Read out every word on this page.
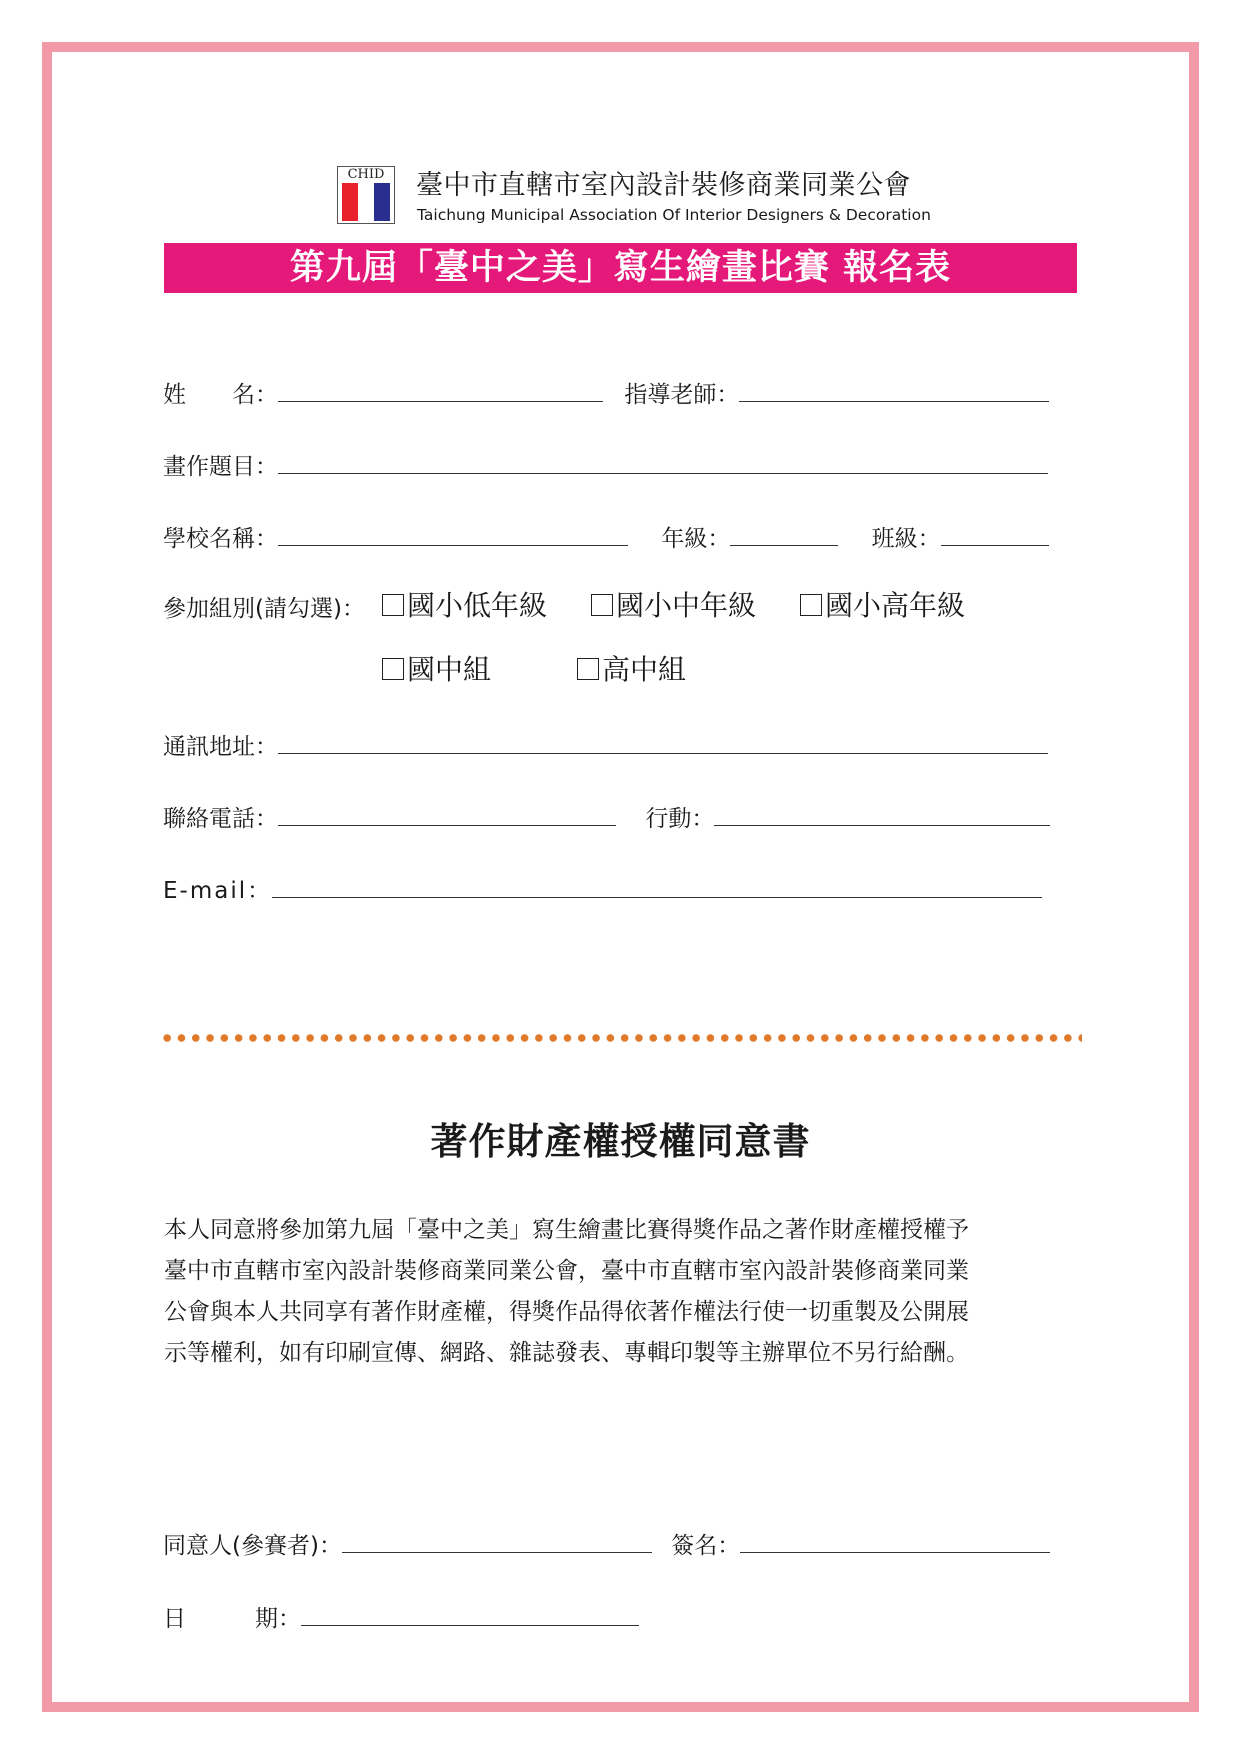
CHID	臺中市直轄市室內設計裝修商業同業公會
Taichung Municipal Association Of Interior Designers & Decoration
第九屆「臺中之美」寫生繪畫比賽 報名表
姓　　名：	指導老師：
畫作題目：
學校名稱：	年級：	班級：
參加組別(請勾選)：	國小低年級	國小中年級	國小高年級
國中組	高中組
通訊地址：
聯絡電話：	行動：
E-mail：
著作財產權授權同意書
本人同意將參加第九屆「臺中之美」寫生繪畫比賽得獎作品之著作財產權授權予
臺中市直轄市室內設計裝修商業同業公會，臺中市直轄市室內設計裝修商業同業
公會與本人共同享有著作財產權，得獎作品得依著作權法行使一切重製及公開展
示等權利，如有印刷宣傳、網路、雜誌發表、專輯印製等主辦單位不另行給酬。
同意人(參賽者)：	簽名：
日　　　期：
